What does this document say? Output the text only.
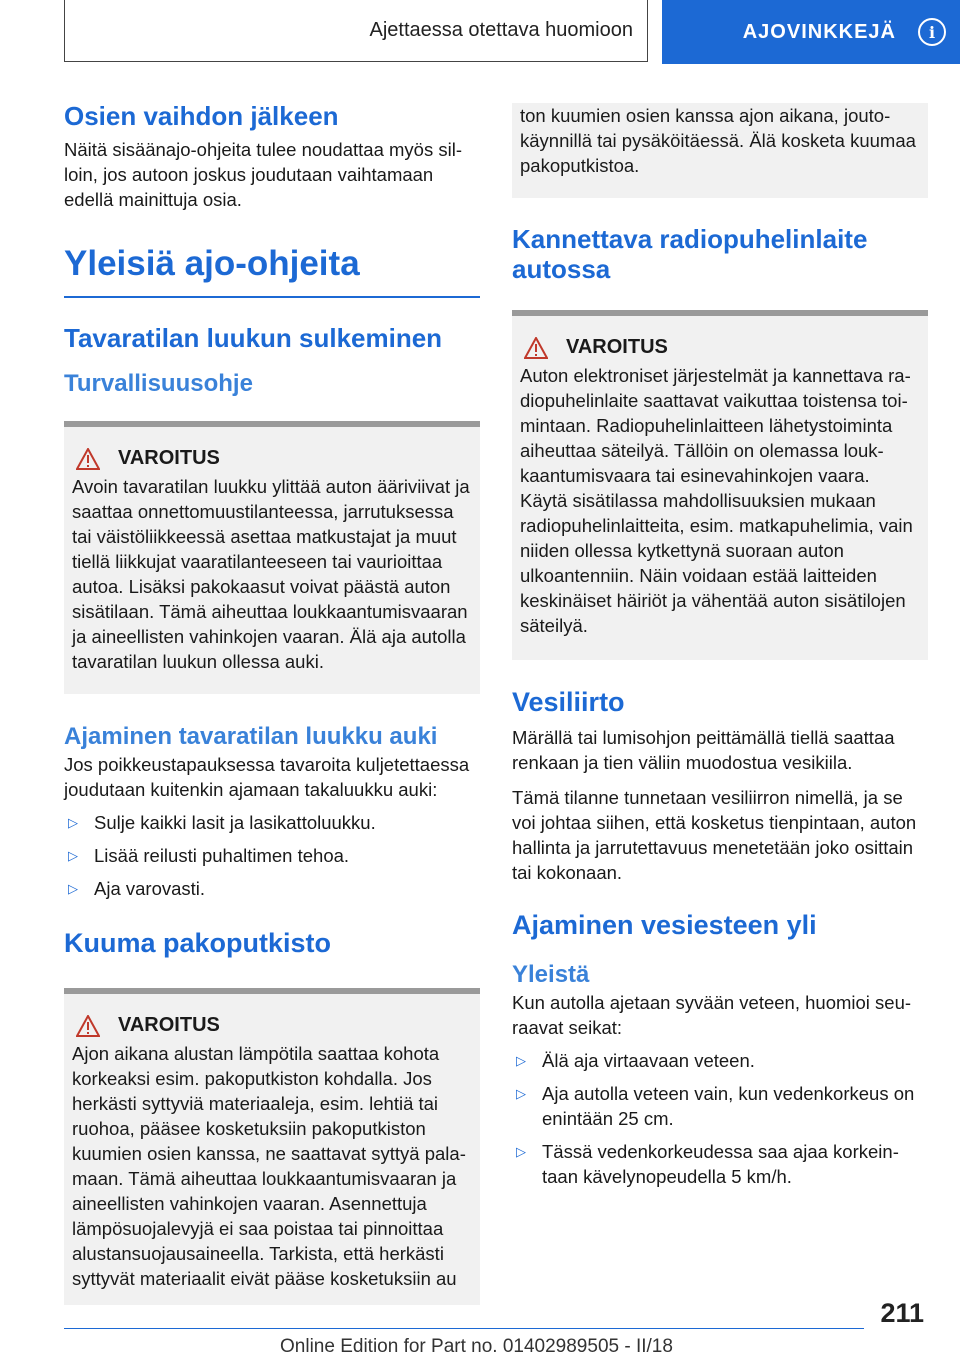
Ajettaessa otettava huomioon	AJOVINKKEJÄ	i
Osien vaihdon jälkeen

Näitä sisäänajo-ohjeita tulee noudattaa myös silloin, jos autoon joskus joudutaan vaihtamaan edellä mainittuja osia.

Yleisiä ajo-ohjeita
Tavaratilan luukun sulkeminen
Turvallisuusohje
VAROITUS

Avoin tavaratilan luukku ylittää auton ääriviivat ja saattaa onnettomuustilanteessa, jarrutuksessa tai väistöliikkeessä asettaa matkustajat ja muut tiellä liikkujat vaaratilanteeseen tai vaurioittaa autoa. Lisäksi pakokaasut voivat päästä auton sisätilaan. Tämä aiheuttaa loukkaantumisvaaran ja aineellisten vahinkojen vaaran. Älä aja autolla tavaratilan luukun ollessa auki.

Ajaminen tavaratilan luukku auki

Jos poikkeustapauksessa tavaroita kuljetettaessa joudutaan kuitenkin ajamaan takaluukku auki:

▷ Sulje kaikki lasit ja lasikattoluukku.
▷ Lisää reilusti puhaltimen tehoa.
▷ Aja varovasti.
Kuuma pakoputkisto
VAROITUS

Ajon aikana alustan lämpötila saattaa kohota korkeaksi esim. pakoputkiston kohdalla. Jos herkästi syttyviä materiaaleja, esim. lehtiä tai ruohoa, pääsee kosketuksiin pakoputkiston kuumien osien kanssa, ne saattavat syttyä palamaan. Tämä aiheuttaa loukkaantumisvaaran ja aineellisten vahinkojen vaaran. Asennettuja lämpösuojalevyjä ei saa poistaa tai pinnoittaa alustansuojausaineella. Tarkista, että herkästi syttyvät materiaalit eivät pääse kosketuksiin au

ton kuumien osien kanssa ajon aikana, joutokäynnillä tai pysäköitäessä. Älä kosketa kuumaa pakoputkistoa.

Kannettava radiopuhelinlaite autossa
VAROITUS

Auton elektroniset järjestelmät ja kannettava radiopuhelinlaite saattavat vaikuttaa toistensa toimintaan. Radiopuhelinlaitteen lähetystoiminta aiheuttaa säteilyä. Tällöin on olemassa loukkaantumisvaara tai esinevahinkojen vaara. Käytä sisätilassa mahdollisuuksien mukaan radiopuhelinlaitteita, esim. matkapuhelimia, vain niiden ollessa kytkettynä suoraan auton ulkoantenniin. Näin voidaan estää laitteiden keskinäiset häiriöt ja vähentää auton sisätilojen säteilyä.

Vesiliirto

Märällä tai lumisohjon peittämällä tiellä saattaa renkaan ja tien väliin muodostua vesikiila.

Tämä tilanne tunnetaan vesiliirron nimellä, ja se voi johtaa siihen, että kosketus tienpintaan, auton hallinta ja jarrutettavuus menetetään joko osittain tai kokonaan.

Ajaminen vesiesteen yli
Yleistä

Kun autolla ajetaan syvään veteen, huomioi seuraavat seikat:

▷ Älä aja virtaavaan veteen.
▷ Aja autolla veteen vain, kun vedenkorkeus on enintään 25 cm.
▷ Tässä vedenkorkeudessa saa ajaa korkeintaan kävelynopeudella 5 km/h.
211
Online Edition for Part no. 01402989505 - II/18
